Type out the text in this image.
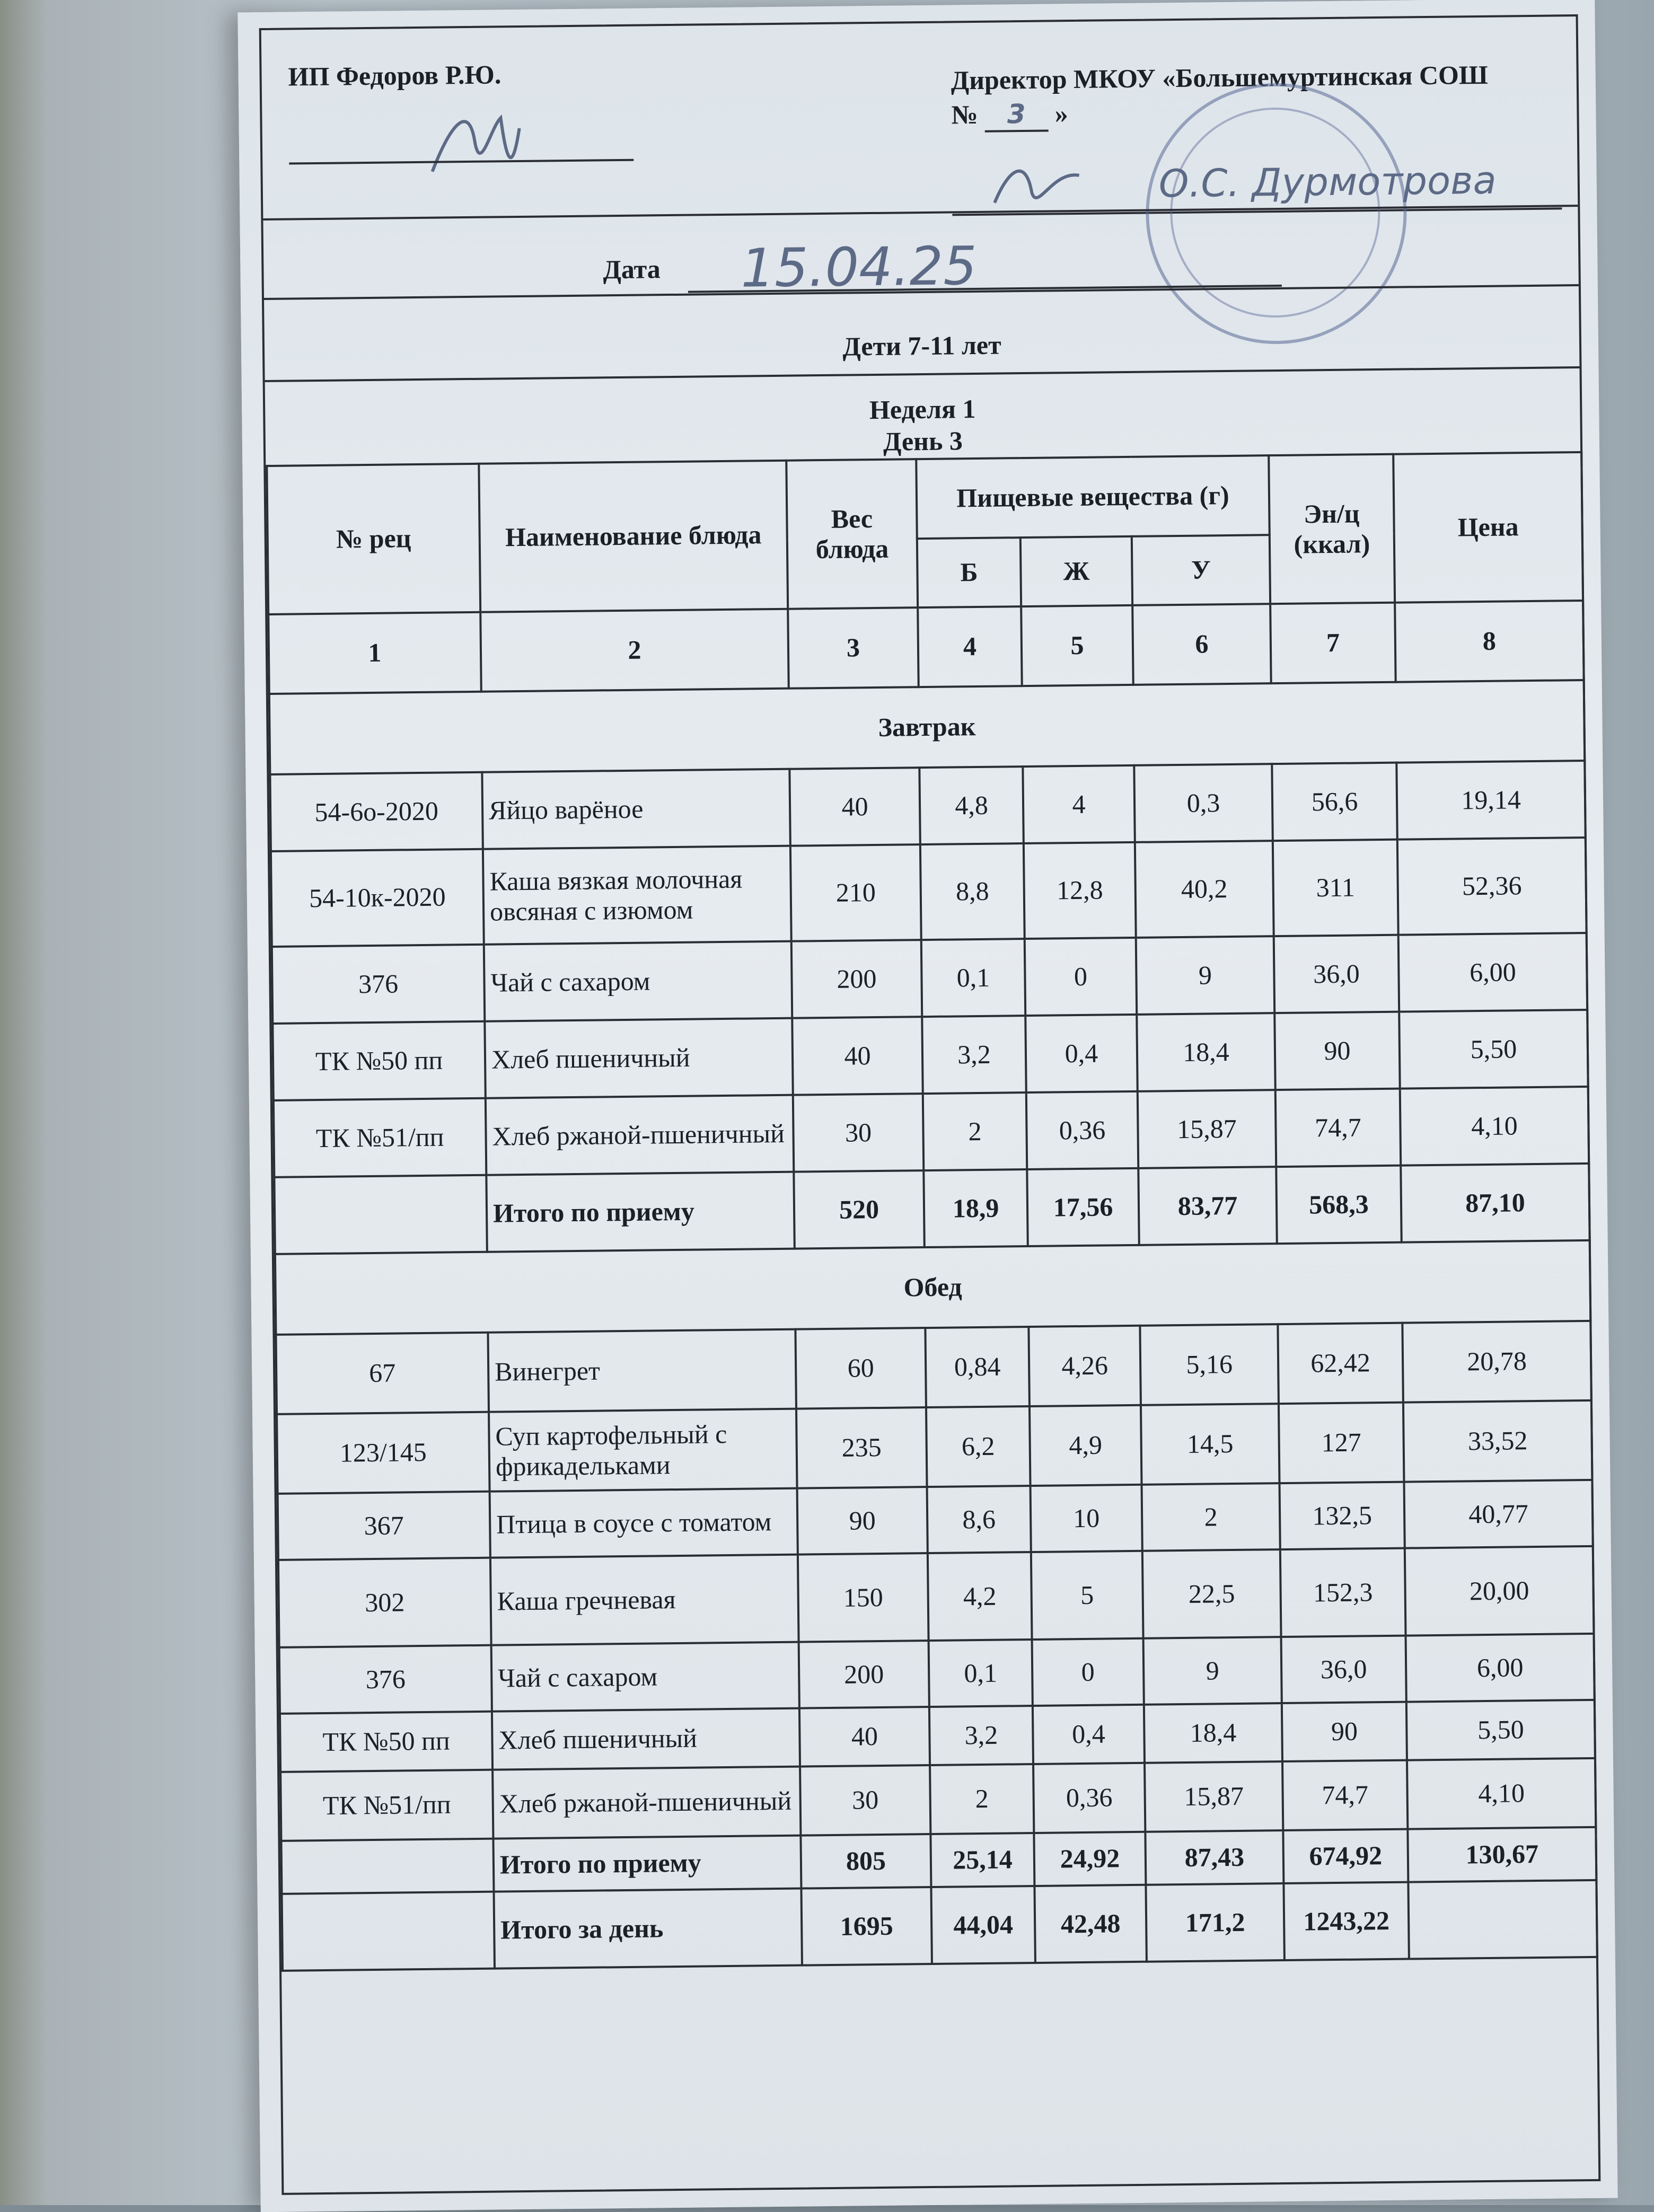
ИП Федоров Р.Ю.	Директор МКОУ «Большемуртинская СОШ
№ 3 »
О.С. Дурмотрова
Дата 15.04.25
Дети 7-11 лет
Неделя 1
День 3
№ рец	Наименование блюда	Вес блюда	Пищевые вещества (г)			Эн/ц (ккал)	Цена
			Б	Ж	У		
1	2	3	4	5	6	7	8
Завтрак							
54-6о-2020	Яйцо варёное	40	4,8	4	0,3	56,6	19,14
54-10к-2020	Каша вязкая молочная овсяная с изюмом	210	8,8	12,8	40,2	311	52,36
376	Чай с сахаром	200	0,1	0	9	36,0	6,00
ТК №50 пп	Хлеб пшеничный	40	3,2	0,4	18,4	90	5,50
ТК №51/пп	Хлеб ржаной-пшеничный	30	2	0,36	15,87	74,7	4,10
	Итого по приему	520	18,9	17,56	83,77	568,3	87,10
Обед							
67	Винегрет	60	0,84	4,26	5,16	62,42	20,78
123/145	Суп картофельный с фрикадельками	235	6,2	4,9	14,5	127	33,52
367	Птица в соусе с томатом	90	8,6	10	2	132,5	40,77
302	Каша гречневая	150	4,2	5	22,5	152,3	20,00
376	Чай с сахаром	200	0,1	0	9	36,0	6,00
ТК №50 пп	Хлеб пшеничный	40	3,2	0,4	18,4	90	5,50
ТК №51/пп	Хлеб ржаной-пшеничный	30	2	0,36	15,87	74,7	4,10
	Итого по приему	805	25,14	24,92	87,43	674,92	130,67
	Итого за день	1695	44,04	42,48	171,2	1243,22	
